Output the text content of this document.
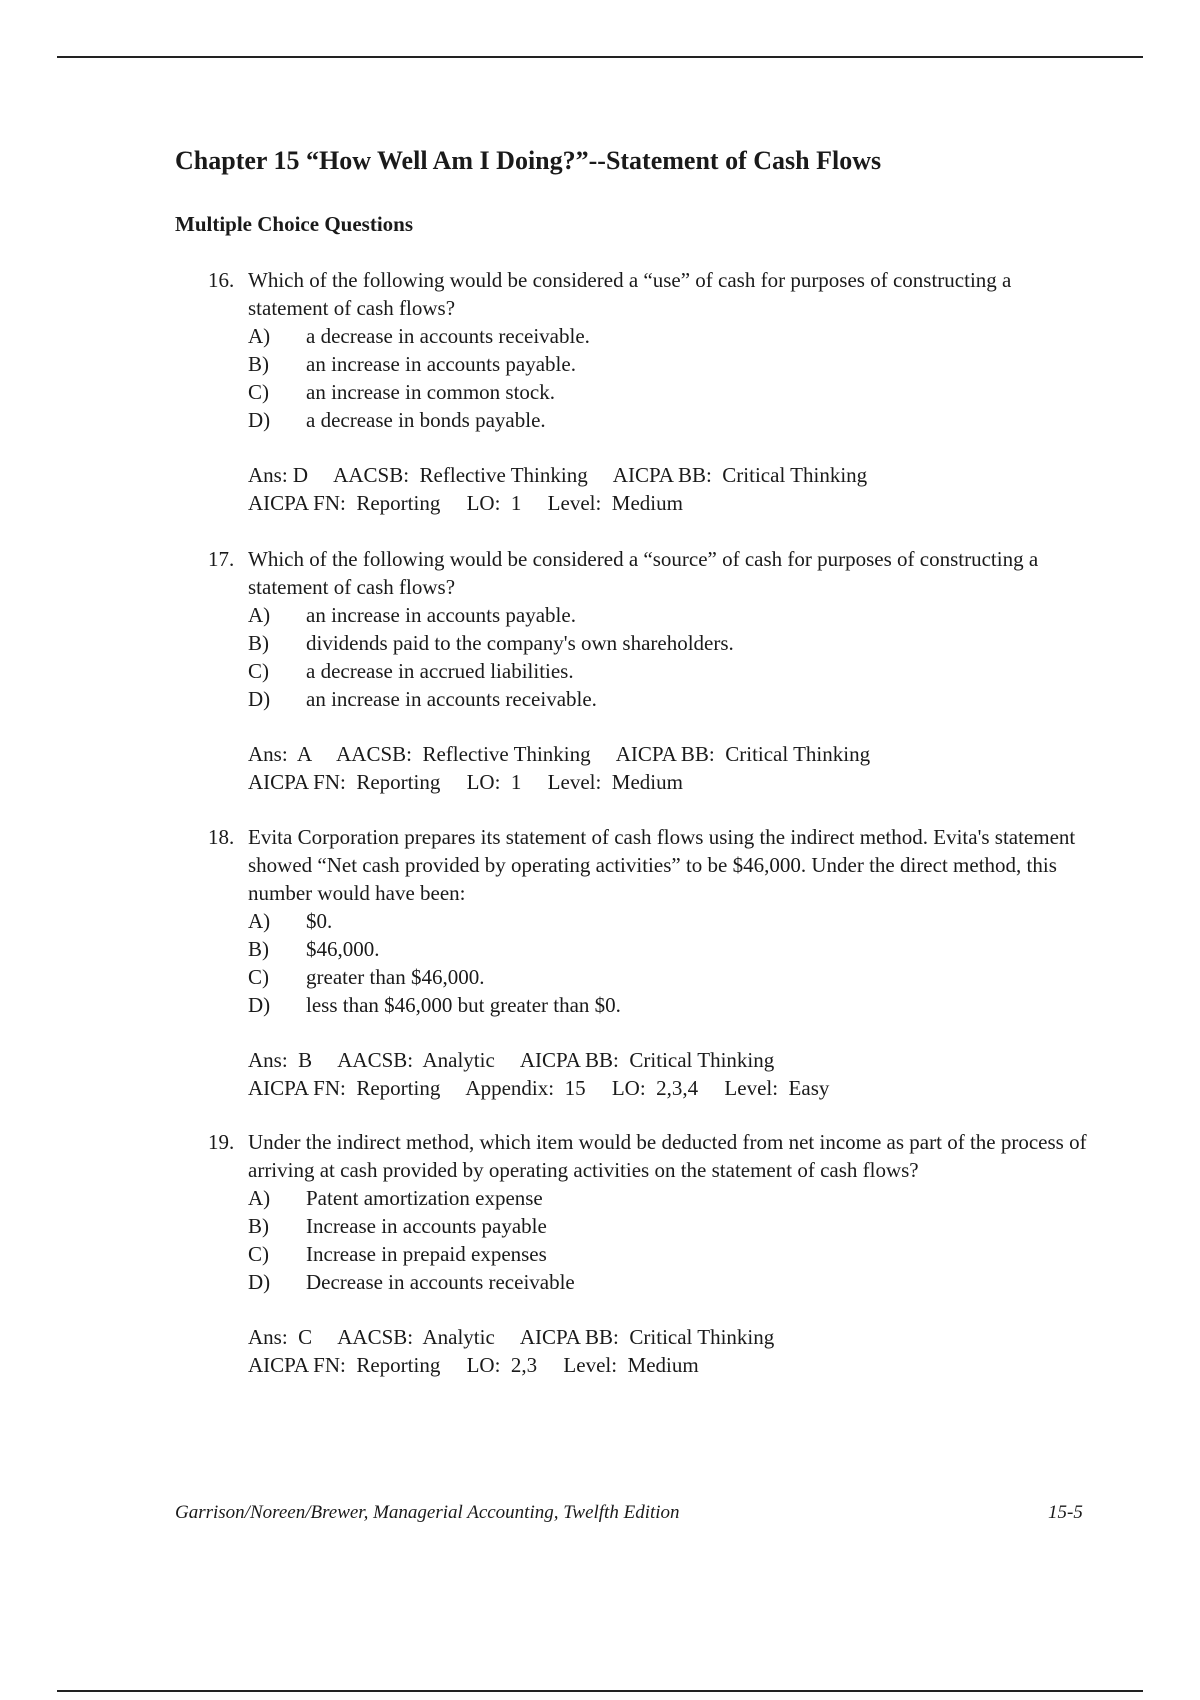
Chapter 15 “How Well Am I Doing?”--Statement of Cash Flows
Multiple Choice Questions
16. Which of the following would be considered a “use” of cash for purposes of constructing a statement of cash flows?
A)	a decrease in accounts receivable.
B)	an increase in accounts payable.
C)	an increase in common stock.
D)	a decrease in bonds payable.
Ans: D     AACSB:  Reflective Thinking     AICPA BB:  Critical Thinking
AICPA FN:  Reporting     LO:  1     Level:  Medium
17. Which of the following would be considered a “source” of cash for purposes of constructing a statement of cash flows?
A)	an increase in accounts payable.
B)	dividends paid to the company's own shareholders.
C)	a decrease in accrued liabilities.
D)	an increase in accounts receivable.
Ans:  A     AACSB:  Reflective Thinking     AICPA BB:  Critical Thinking
AICPA FN:  Reporting     LO:  1     Level:  Medium
18. Evita Corporation prepares its statement of cash flows using the indirect method. Evita's statement showed “Net cash provided by operating activities” to be $46,000. Under the direct method, this number would have been:
A)	$0.
B)	$46,000.
C)	greater than $46,000.
D)	less than $46,000 but greater than $0.
Ans:  B     AACSB:  Analytic     AICPA BB:  Critical Thinking
AICPA FN:  Reporting     Appendix:  15     LO:  2,3,4     Level:  Easy
19. Under the indirect method, which item would be deducted from net income as part of the process of arriving at cash provided by operating activities on the statement of cash flows?
A)	Patent amortization expense
B)	Increase in accounts payable
C)	Increase in prepaid expenses
D)	Decrease in accounts receivable
Ans:  C     AACSB:  Analytic     AICPA BB:  Critical Thinking
AICPA FN:  Reporting     LO:  2,3     Level:  Medium
Garrison/Noreen/Brewer, Managerial Accounting, Twelfth Edition	15-5
